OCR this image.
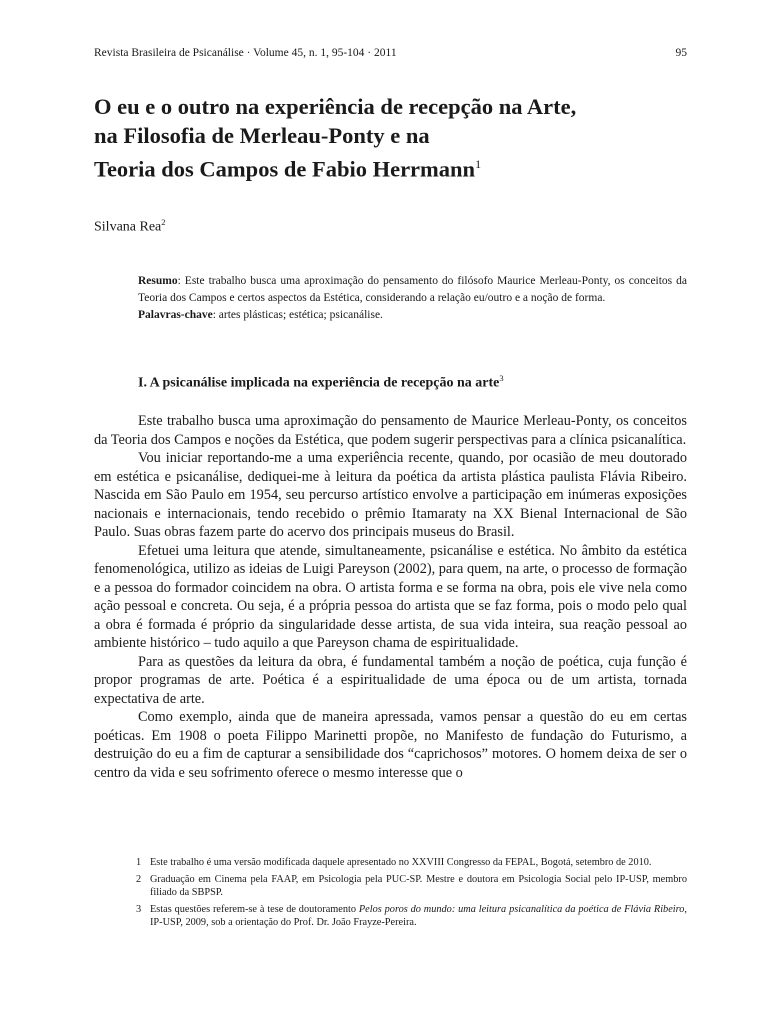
Revista Brasileira de Psicanálise · Volume 45, n. 1, 95-104 · 2011	95
O eu e o outro na experiência de recepção na Arte,
na Filosofia de Merleau-Ponty e na
Teoria dos Campos de Fabio Herrmann$^1$
Silvana Rea$^2$

Resumo: Este trabalho busca uma aproximação do pensamento do filósofo Maurice Merleau-Ponty, os conceitos da Teoria dos Campos e certos aspectos da Estética, considerando a relação eu/outro e a noção de forma.

Palavras-chave: artes plásticas; estética; psicanálise.

I. A psicanálise implicada na experiência de recepção na arte$^3$

Este trabalho busca uma aproximação do pensamento de Maurice Merleau-Ponty, os conceitos da Teoria dos Campos e noções da Estética, que podem sugerir perspectivas para a clínica psicanalítica.

Vou iniciar reportando-me a uma experiência recente, quando, por ocasião de meu doutorado em estética e psicanálise, dediquei-me à leitura da poética da artista plástica paulista Flávia Ribeiro. Nascida em São Paulo em 1954, seu percurso artístico envolve a participação em inúmeras exposições nacionais e internacionais, tendo recebido o prêmio Itamaraty na XX Bienal Internacional de São Paulo. Suas obras fazem parte do acervo dos principais museus do Brasil.

Efetuei uma leitura que atende, simultaneamente, psicanálise e estética. No âmbito da estética fenomenológica, utilizo as ideias de Luigi Pareyson (2002), para quem, na arte, o processo de formação e a pessoa do formador coincidem na obra. O artista forma e se forma na obra, pois ele vive nela como ação pessoal e concreta. Ou seja, é a própria pessoa do artista que se faz forma, pois o modo pelo qual a obra é formada é próprio da singularidade desse artista, de sua vida inteira, sua reação pessoal ao ambiente histórico – tudo aquilo a que Pareyson chama de espiritualidade.

Para as questões da leitura da obra, é fundamental também a noção de poética, cuja função é propor programas de arte. Poética é a espiritualidade de uma época ou de um artista, tornada expectativa de arte.

Como exemplo, ainda que de maneira apressada, vamos pensar a questão do eu em certas poéticas. Em 1908 o poeta Filippo Marinetti propõe, no Manifesto de fundação do Futurismo, a destruição do eu a fim de capturar a sensibilidade dos “caprichosos” motores. O homem deixa de ser o centro da vida e seu sofrimento oferece o mesmo interesse que o

1 Este trabalho é uma versão modificada daquele apresentado no XXVIII Congresso da FEPAL, Bogotá, setembro de 2010.
2 Graduação em Cinema pela FAAP, em Psicologia pela PUC-SP. Mestre e doutora em Psicologia Social pelo IP-USP, membro filiado da SBPSP.
3 Estas questões referem-se à tese de doutoramento Pelos poros do mundo: uma leitura psicanalítica da poética de Flávia Ribeiro, IP-USP, 2009, sob a orientação do Prof. Dr. João Frayze-Pereira.
